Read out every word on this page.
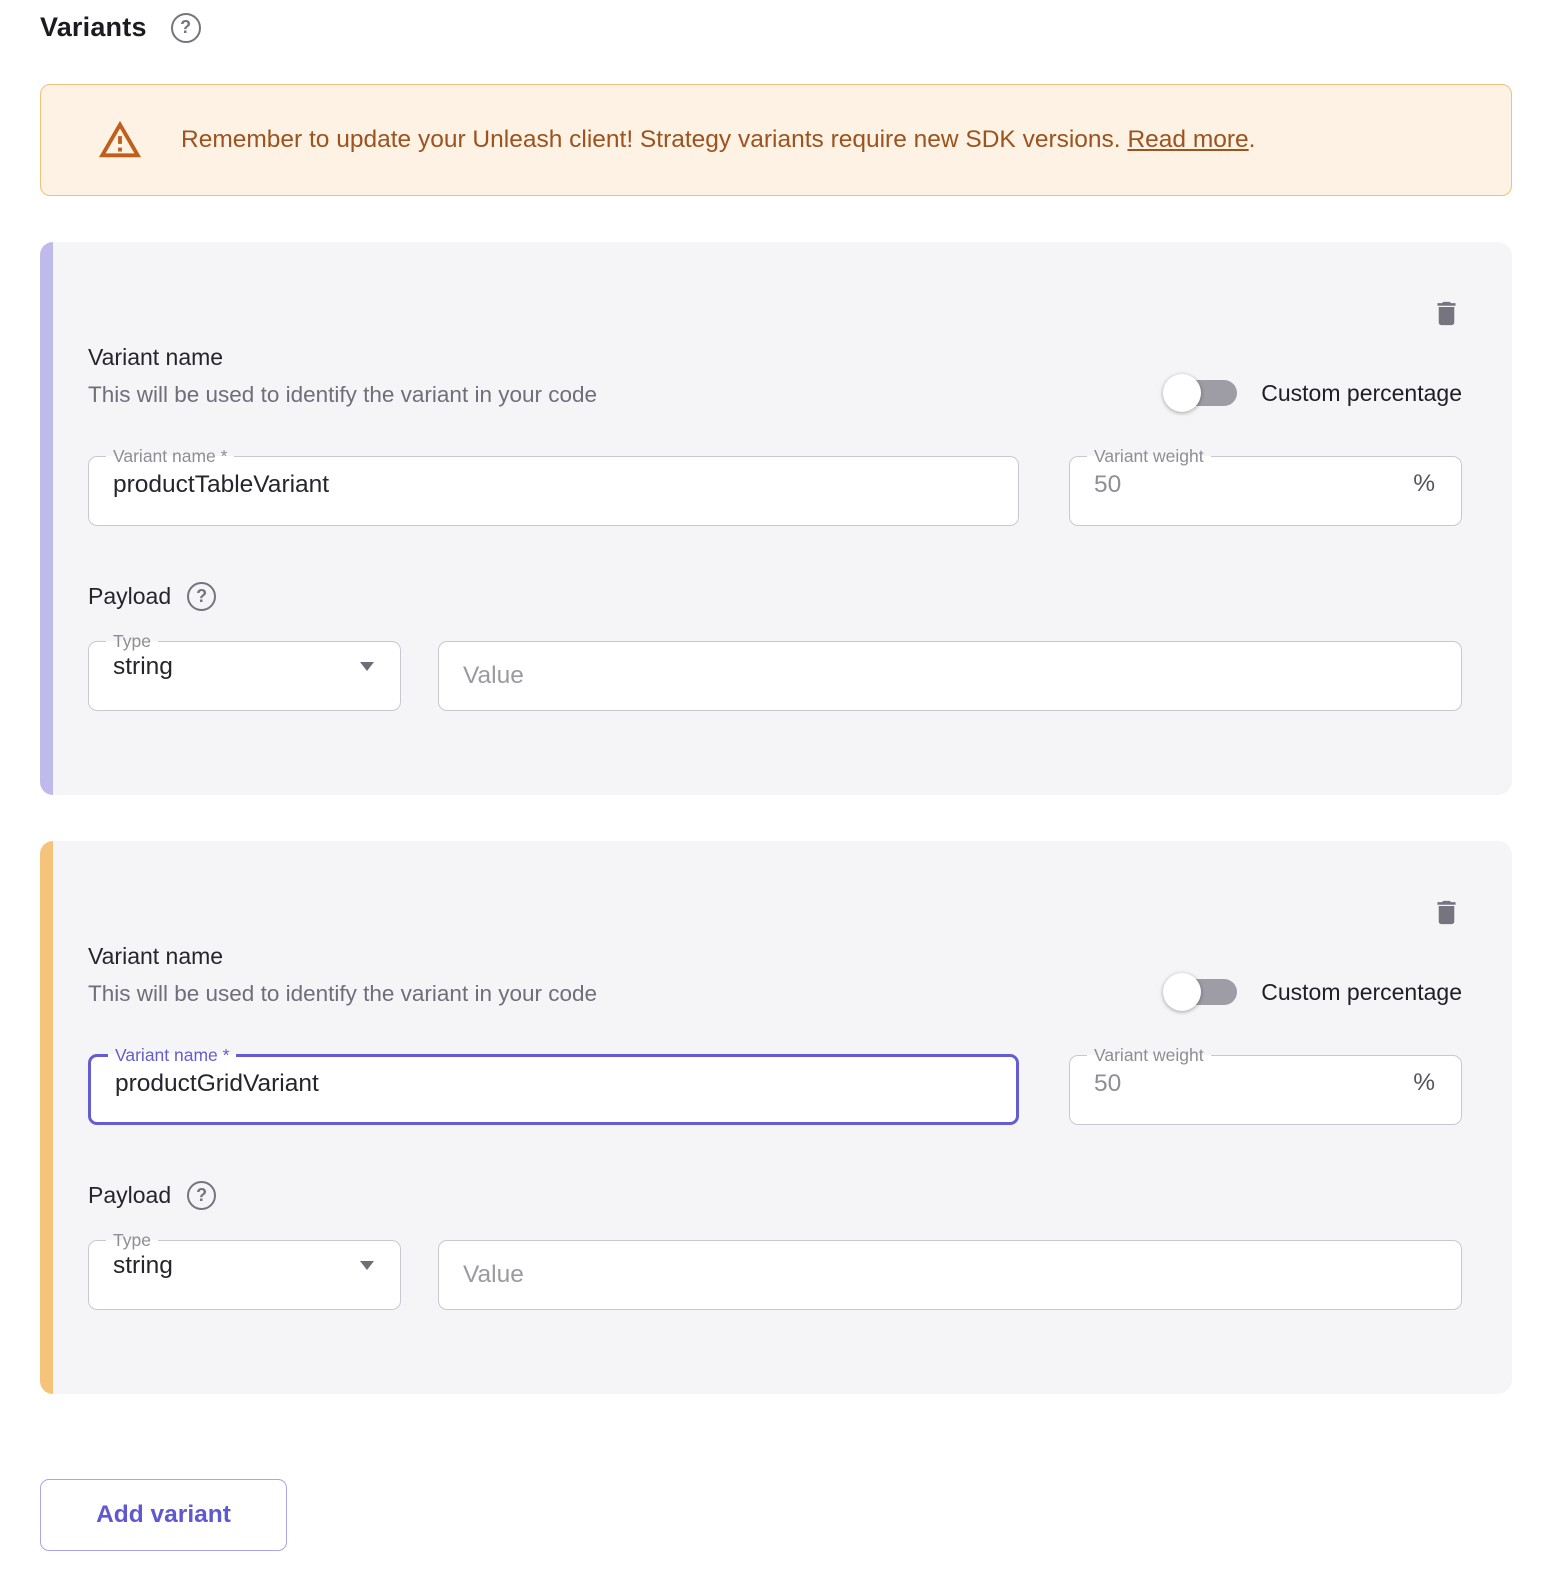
Variants	?
Remember to update your Unleash client! Strategy variants require new SDK versions. Read more.
Variant name
This will be used to identify the variant in your code	Custom percentage
Variant name *
productTableVariant	Variant weight
50
%
Payload	?
Type
string
Value
Variant name
This will be used to identify the variant in your code	Custom percentage
Variant name *
productGridVariant	Variant weight
50
%
Payload	?
Type
string
Value
Add variant
